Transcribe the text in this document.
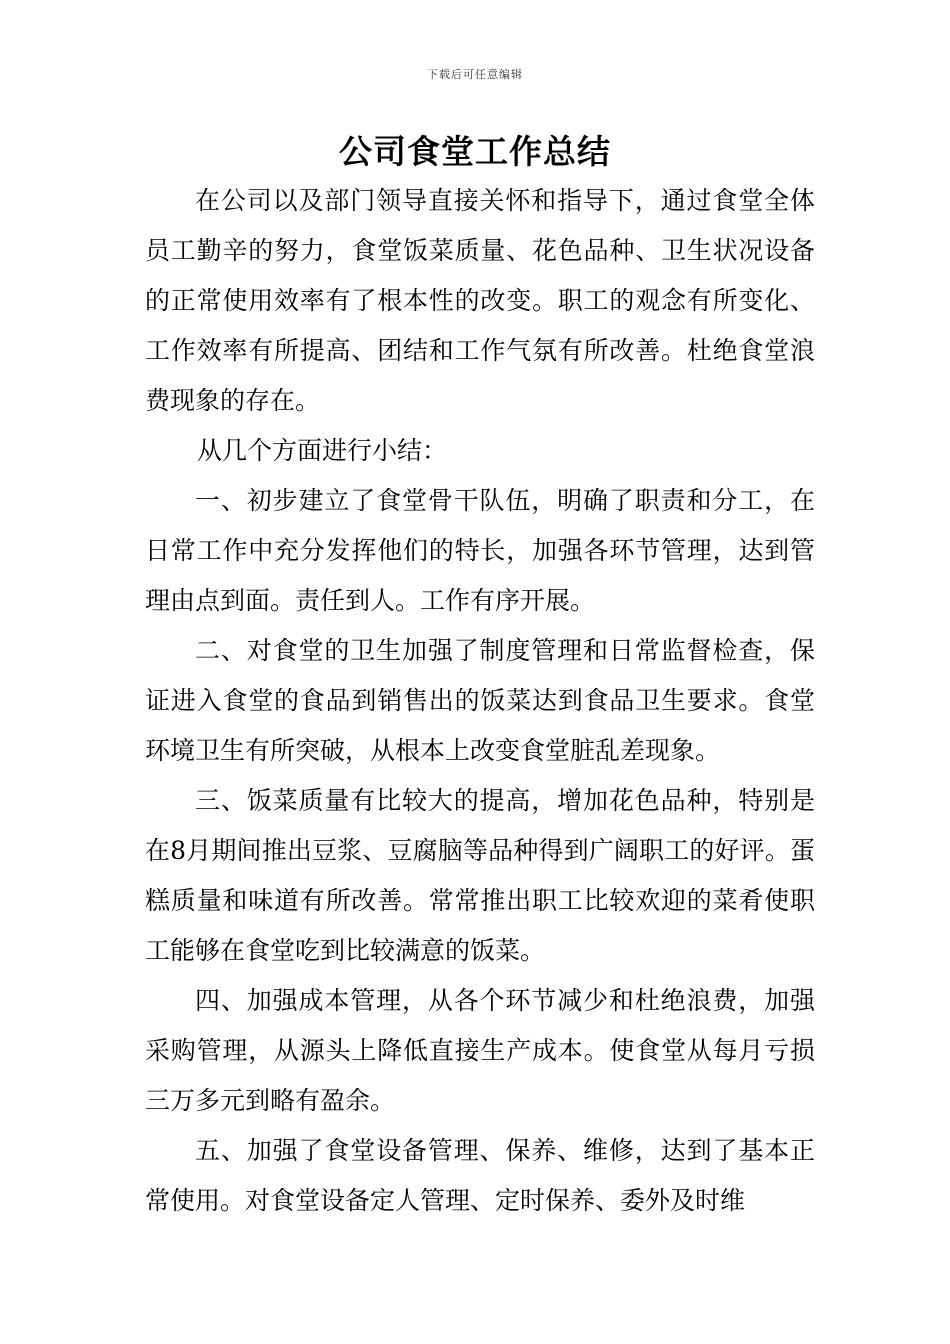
下载后可任意编辑
公司食堂工作总结

在公司以及部门领导直接关怀和指导下，通过食堂全体员工勤辛的努力，食堂饭菜质量、花色品种、卫生状况设备的正常使用效率有了根本性的改变。职工的观念有所变化、工作效率有所提高、团结和工作气氛有所改善。杜绝食堂浪费现象的存在。

从几个方面进行小结：

一、初步建立了食堂骨干队伍，明确了职责和分工，在日常工作中充分发挥他们的特长，加强各环节管理，达到管理由点到面。责任到人。工作有序开展。

二、对食堂的卫生加强了制度管理和日常监督检查，保证进入食堂的食品到销售出的饭菜达到食品卫生要求。食堂环境卫生有所突破，从根本上改变食堂脏乱差现象。

三、饭菜质量有比较大的提高，增加花色品种，特别是在8月期间推出豆浆、豆腐脑等品种得到广阔职工的好评。蛋糕质量和味道有所改善。常常推出职工比较欢迎的菜肴使职工能够在食堂吃到比较满意的饭菜。

四、加强成本管理，从各个环节减少和杜绝浪费，加强采购管理，从源头上降低直接生产成本。使食堂从每月亏损三万多元到略有盈余。

五、加强了食堂设备管理、保养、维修，达到了基本正常使用。对食堂设备定人管理、定时保养、委外及时维
